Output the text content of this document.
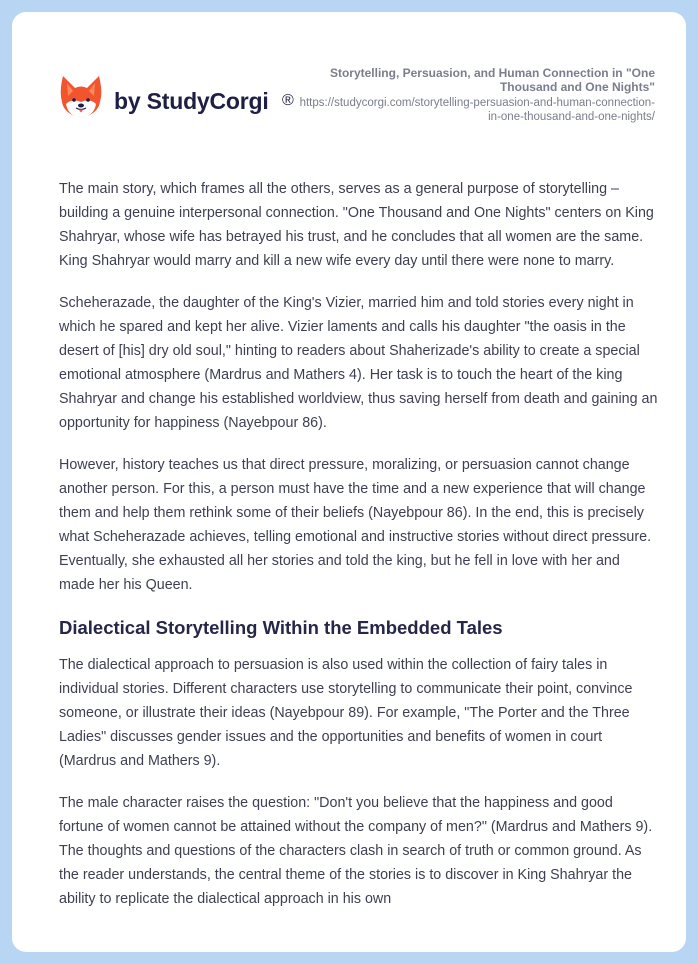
by StudyCorgi ®
Storytelling, Persuasion, and Human Connection in "One Thousand and One Nights"
https://studycorgi.com/storytelling-persuasion-and-human-connection-in-one-thousand-and-one-nights/

The main story, which frames all the others, serves as a general purpose of storytelling – building a genuine interpersonal connection. "One Thousand and One Nights" centers on King Shahryar, whose wife has betrayed his trust, and he concludes that all women are the same. King Shahryar would marry and kill a new wife every day until there were none to marry.

Scheherazade, the daughter of the King's Vizier, married him and told stories every night in which he spared and kept her alive. Vizier laments and calls his daughter "the oasis in the desert of [his] dry old soul," hinting to readers about Shaherizade's ability to create a special emotional atmosphere (Mardrus and Mathers 4). Her task is to touch the heart of the king Shahryar and change his established worldview, thus saving herself from death and gaining an opportunity for happiness (Nayebpour 86).

However, history teaches us that direct pressure, moralizing, or persuasion cannot change another person. For this, a person must have the time and a new experience that will change them and help them rethink some of their beliefs (Nayebpour 86). In the end, this is precisely what Scheherazade achieves, telling emotional and instructive stories without direct pressure. Eventually, she exhausted all her stories and told the king, but he fell in love with her and made her his Queen.

Dialectical Storytelling Within the Embedded Tales

The dialectical approach to persuasion is also used within the collection of fairy tales in individual stories. Different characters use storytelling to communicate their point, convince someone, or illustrate their ideas (Nayebpour 89). For example, "The Porter and the Three Ladies" discusses gender issues and the opportunities and benefits of women in court (Mardrus and Mathers 9).

The male character raises the question: "Don't you believe that the happiness and good fortune of women cannot be attained without the company of men?" (Mardrus and Mathers 9). The thoughts and questions of the characters clash in search of truth or common ground. As the reader understands, the central theme of the stories is to discover in King Shahryar the ability to replicate the dialectical approach in his own
